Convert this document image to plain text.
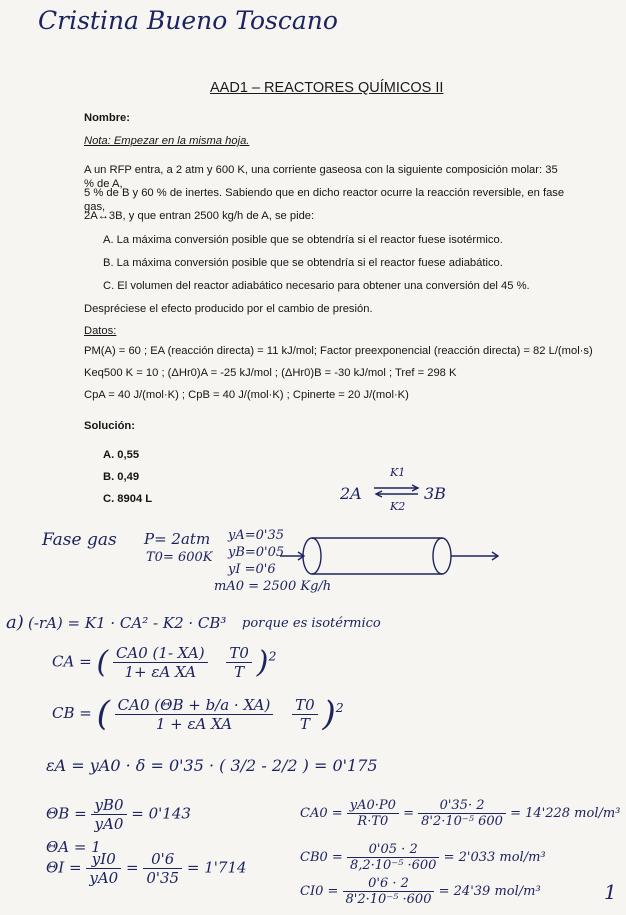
Cristina Bueno Toscano
AAD1 – REACTORES QUÍMICOS II
Nombre:
Nota: Empezar en la misma hoja.
A un RFP entra, a 2 atm y 600 K, una corriente gaseosa con la siguiente composición molar: 35 % de A,
5 % de B y 60 % de inertes. Sabiendo que en dicho reactor ocurre la reacción reversible, en fase gas,
2A↔3B, y que entran 2500 kg/h de A, se pide:
A. La máxima conversión posible que se obtendría si el reactor fuese isotérmico.
B. La máxima conversión posible que se obtendría si el reactor fuese adiabático.
C. El volumen del reactor adiabático necesario para obtener una conversión del 45 %.
Despréciese el efecto producido por el cambio de presión.
Datos:
PM(A) = 60 ; EA (reacción directa) = 11 kJ/mol; Factor preexponencial (reacción directa) = 82 L/(mol·s)
Keq500 K = 10 ; (ΔHr0)A = -25 kJ/mol ; (ΔHr0)B = -30 kJ/mol ; Tref = 298 K
CpA = 40 J/(mol·K) ; CpB = 40 J/(mol·K) ; Cpinerte = 20 J/(mol·K)
Solución:
A. 0,55
B. 0,49
C. 8904 L	2A
K1
K2
3B
Fase gas P= 2atm
T0= 600K
yA=0'35
yB=0'05
yI =0'6
mA0 = 2500 Kg/h
a) (-rA) = K1 · CA² - K2 · CB³ porque es isotérmico
CA = ( $\frac{CA0 (1- XA)}{\text{1+ εA XA}}$
$\frac{T0}{T} )^2$
CB = ( $\frac{CA0 (\Theta B + b/a \cdot XA)}{\text{1 + εA XA}}$
$\frac{T0}{T} )^2$
εA = yA0 · δ = 0'35 · ( 3/2 - 2/2 ) = 0'175
$\Theta B = \frac{yB0}{yA0} = 0'143$
ΘA = 1
$\Theta I = \frac{yI0}{yA0} = \frac{0'6}{0'35} = 1'714$
$CA0 = \frac{yA0\cdot P0}{R\cdot T0} = \frac{0'35\cdot 2}{\text{8'2·10⁻⁵ 600}} = 14'228$ mol/m³
$CB0 = \frac{0'05 \cdot 2}{\text{8,2·10⁻⁵ ·600}} = 2'033$ mol/m³
$CI0 = \frac{0'6 \cdot 2}{\text{8'2·10⁻⁵ ·600}} = 24'39$ mol/m³	1
